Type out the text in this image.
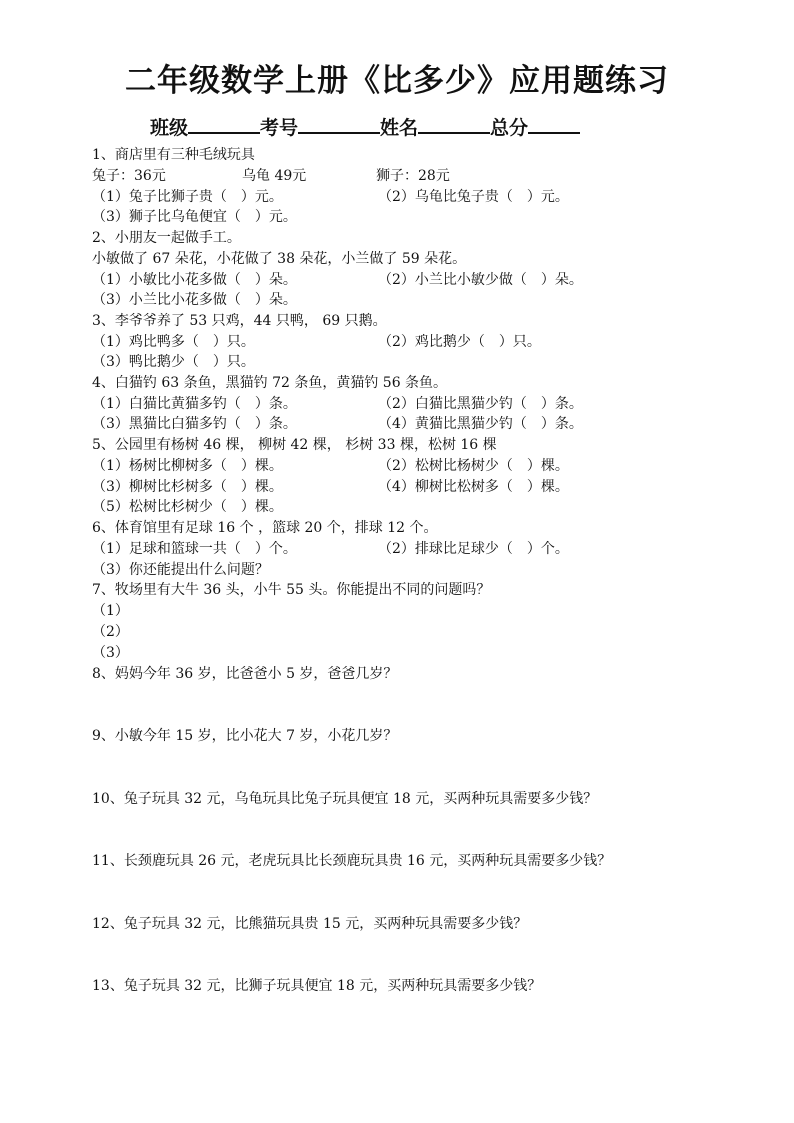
二年级数学上册《比多少》应用题练习
班级	考号	姓名	总分
1、商店里有三种毛绒玩具
兔子：36元	乌龟 49元	狮子：28元
（1）兔子比狮子贵（　）元。	（2）乌龟比兔子贵（　）元。
（3）狮子比乌龟便宜（　）元。
2、小朋友一起做手工。
小敏做了 67 朵花，小花做了 38 朵花，小兰做了 59 朵花。
（1）小敏比小花多做（　）朵。	（2）小兰比小敏少做（　）朵。
（3）小兰比小花多做（　）朵。
3、李爷爷养了 53 只鸡，44 只鸭， 69 只鹅。
（1）鸡比鸭多（　）只。	（2）鸡比鹅少（　）只。
（3）鸭比鹅少（　）只。
4、白猫钓 63 条鱼，黑猫钓 72 条鱼，黄猫钓 56 条鱼。
（1）白猫比黄猫多钓（　）条。	（2）白猫比黑猫少钓（　）条。
（3）黑猫比白猫多钓（　）条。	（4）黄猫比黑猫少钓（　）条。
5、公园里有杨树 46 棵， 柳树 42 棵， 杉树 33 棵，松树 16 棵
（1）杨树比柳树多（　）棵。	（2）松树比杨树少（　）棵。
（3）柳树比杉树多（　）棵。	（4）柳树比松树多（　）棵。
（5）松树比杉树少（　）棵。
6、体育馆里有足球 16 个 ，篮球 20 个，排球 12 个。
（1）足球和篮球一共（　）个。	（2）排球比足球少（　）个。
（3）你还能提出什么问题？
7、牧场里有大牛 36 头，小牛 55 头。你能提出不同的问题吗？
（1）
（2）
（3）
8、妈妈今年 36 岁，比爸爸小 5 岁，爸爸几岁？
9、小敏今年 15 岁，比小花大 7 岁，小花几岁？
10、兔子玩具 32 元，乌龟玩具比兔子玩具便宜 18 元，买两种玩具需要多少钱？
11、长颈鹿玩具 26 元，老虎玩具比长颈鹿玩具贵 16 元，买两种玩具需要多少钱？
12、兔子玩具 32 元，比熊猫玩具贵 15 元，买两种玩具需要多少钱？
13、兔子玩具 32 元，比狮子玩具便宜 18 元，买两种玩具需要多少钱？
